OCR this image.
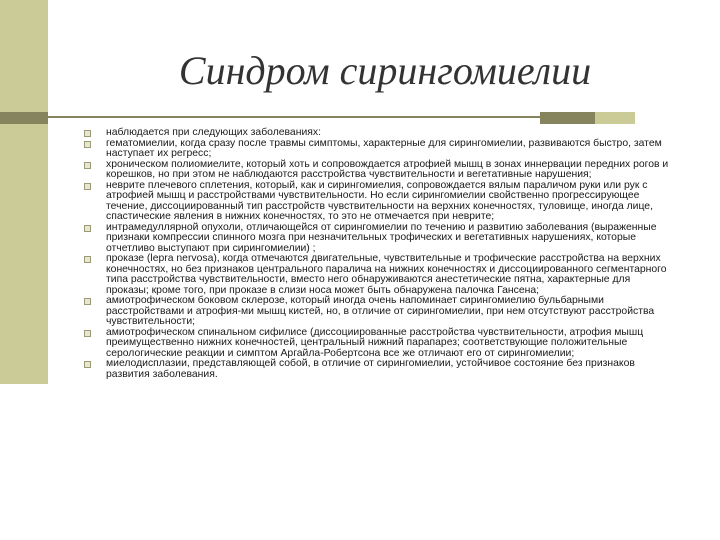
Синдром сирингомиелии
наблюдается при следующих заболеваниях:
гематомиелии, когда сразу после травмы симптомы, характерные для сирингомиелии, развиваются быстро, затем наступает их регресс;
хроническом полиомиелите, который хоть и сопровождается атрофией мышц в зонах иннервации передних рогов и корешков, но при этом не наблюдаются расстройства чувствительности и вегетативные нарушения;
неврите плечевого сплетения, который, как и сирингомиелия, сопровождается вялым параличом руки или рук с атрофией мышц и расстройствами чувствительности. Но если сирингомиелии свойственно прогрессирующее течение, диссоциированный тип расстройств чувствительности на верхних конечностях, туловище, иногда лице, спастические явления в нижних конечностях, то это не отмечается при неврите;
интрамедуллярной опухоли, отличающейся от сирингомиелии по течению и развитию заболевания (выраженные признаки компрессии спинного мозга при незначительных трофических и вегетативных нарушениях, которые отчетливо выступают при сирингомиелии) ;
проказе (lepra nervosa), когда отмечаются двигательные, чувствительные и трофические расстройства на верхних конечностях, но без признаков центрального паралича на нижних конечностях и диссоциированного сегментарного типа расстройства чувствительности, вместо него обнаруживаются анестетические пятна, характерные для проказы; кроме того, при проказе в слизи носа может быть обнаружена палочка Гансена;
амиотрофическом боковом склерозе, который иногда очень напоминает сирингомиелию бульбарными расстройствами и атрофия-ми мышц кистей, но, в отличие от сирингомиелии, при нем отсутствуют расстройства чувствительности;
амиотрофическом спинальном сифилисе (диссоциированные расстройства чувствительности, атрофия мышц преимущественно нижних конечностей, центральный нижний парапарез; соответствующие положительные серологические реакции и симптом Аргайла-Робертсона все же отличают его от сирингомиелии;
миелодисплазии, представляющей собой, в отличие от сирингомиелии, устойчивое состояние без признаков развития заболевания.
